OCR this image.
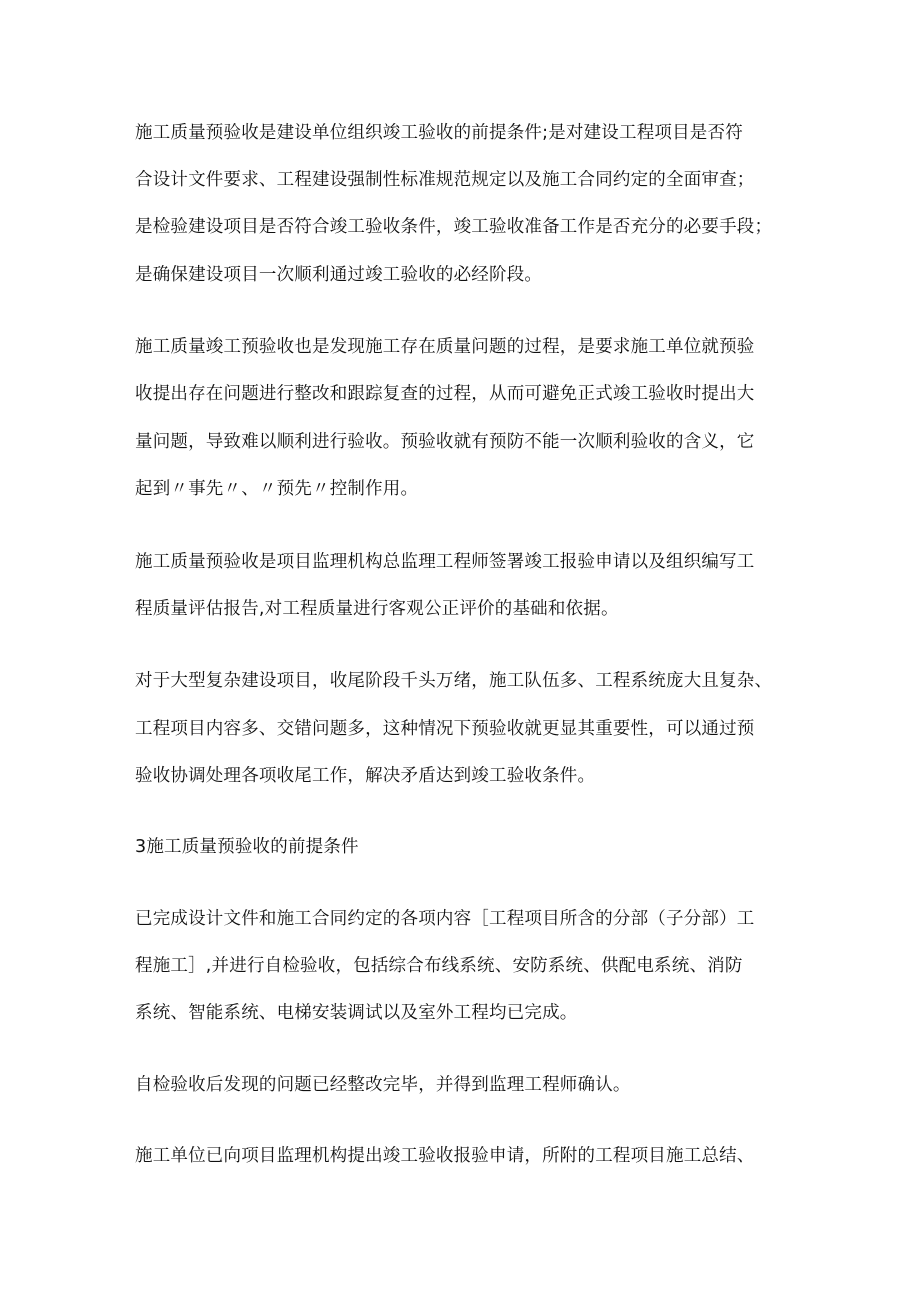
施工质量预验收是建设单位组织竣工验收的前提条件;是对建设工程项目是否符
合设计文件要求、工程建设强制性标准规范规定以及施工合同约定的全面审查；
是检验建设项目是否符合竣工验收条件，竣工验收准备工作是否充分的必要手段；
是确保建设项目一次顺利通过竣工验收的必经阶段。
施工质量竣工预验收也是发现施工存在质量问题的过程，是要求施工单位就预验
收提出存在问题进行整改和跟踪复查的过程，从而可避免正式竣工验收时提出大
量问题，导致难以顺利进行验收。预验收就有预防不能一次顺利验收的含义，它
起到〃事先〃、〃预先〃控制作用。
施工质量预验收是项目监理机构总监理工程师签署竣工报验申请以及组织编写工
程质量评估报告,对工程质量进行客观公正评价的基础和依据。
对于大型复杂建设项目，收尾阶段千头万绪，施工队伍多、工程系统庞大且复杂、
工程项目内容多、交错问题多，这种情况下预验收就更显其重要性，可以通过预
验收协调处理各项收尾工作，解决矛盾达到竣工验收条件。
3施工质量预验收的前提条件
已完成设计文件和施工合同约定的各项内容［工程项目所含的分部（子分部）工
程施工］,并进行自检验收，包括综合布线系统、安防系统、供配电系统、消防
系统、智能系统、电梯安装调试以及室外工程均已完成。
自检验收后发现的问题已经整改完毕，并得到监理工程师确认。
施工单位已向项目监理机构提出竣工验收报验申请，所附的工程项目施工总结、
